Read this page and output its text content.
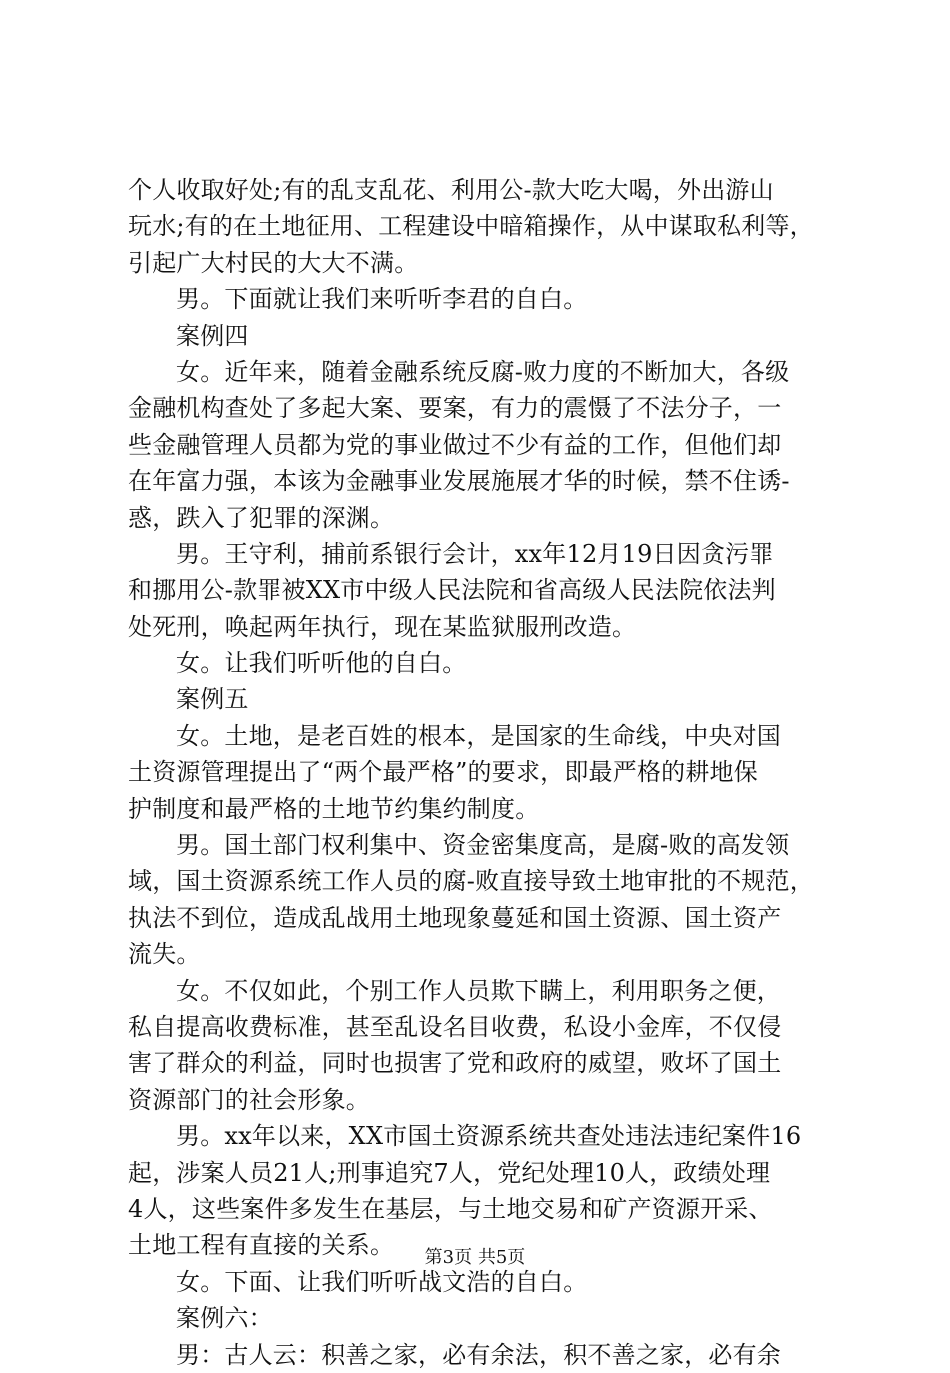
个人收取好处;有的乱支乱花、利用公-款大吃大喝，外出游山
玩水;有的在土地征用、工程建设中暗箱操作，从中谋取私利等，
引起广大村民的大大不满。
男。下面就让我们来听听李君的自白。
案例四
女。近年来，随着金融系统反腐-败力度的不断加大，各级
金融机构查处了多起大案、要案，有力的震慑了不法分子，一
些金融管理人员都为党的事业做过不少有益的工作，但他们却
在年富力强，本该为金融事业发展施展才华的时候，禁不住诱-
惑，跌入了犯罪的深渊。
男。王守利，捕前系银行会计，xx年12月19日因贪污罪
和挪用公-款罪被XX市中级人民法院和省高级人民法院依法判
处死刑，唤起两年执行，现在某监狱服刑改造。
女。让我们听听他的自白。
案例五
女。土地，是老百姓的根本，是国家的生命线，中央对国
土资源管理提出了“两个最严格”的要求，即最严格的耕地保
护制度和最严格的土地节约集约制度。
男。国土部门权利集中、资金密集度高，是腐-败的高发领
域，国土资源系统工作人员的腐-败直接导致土地审批的不规范，
执法不到位，造成乱战用土地现象蔓延和国土资源、国土资产
流失。
女。不仅如此，个别工作人员欺下瞒上，利用职务之便，
私自提高收费标准，甚至乱设名目收费，私设小金库，不仅侵
害了群众的利益，同时也损害了党和政府的威望，败坏了国土
资源部门的社会形象。
男。xx年以来，XX市国土资源系统共查处违法违纪案件16
起，涉案人员21人;刑事追究7人，党纪处理10人，政绩处理
4人，这些案件多发生在基层，与土地交易和矿产资源开采、
土地工程有直接的关系。
女。下面、让我们听听战文浩的自白。
案例六：
男：古人云：积善之家，必有余法，积不善之家，必有余
第3页 共5页
